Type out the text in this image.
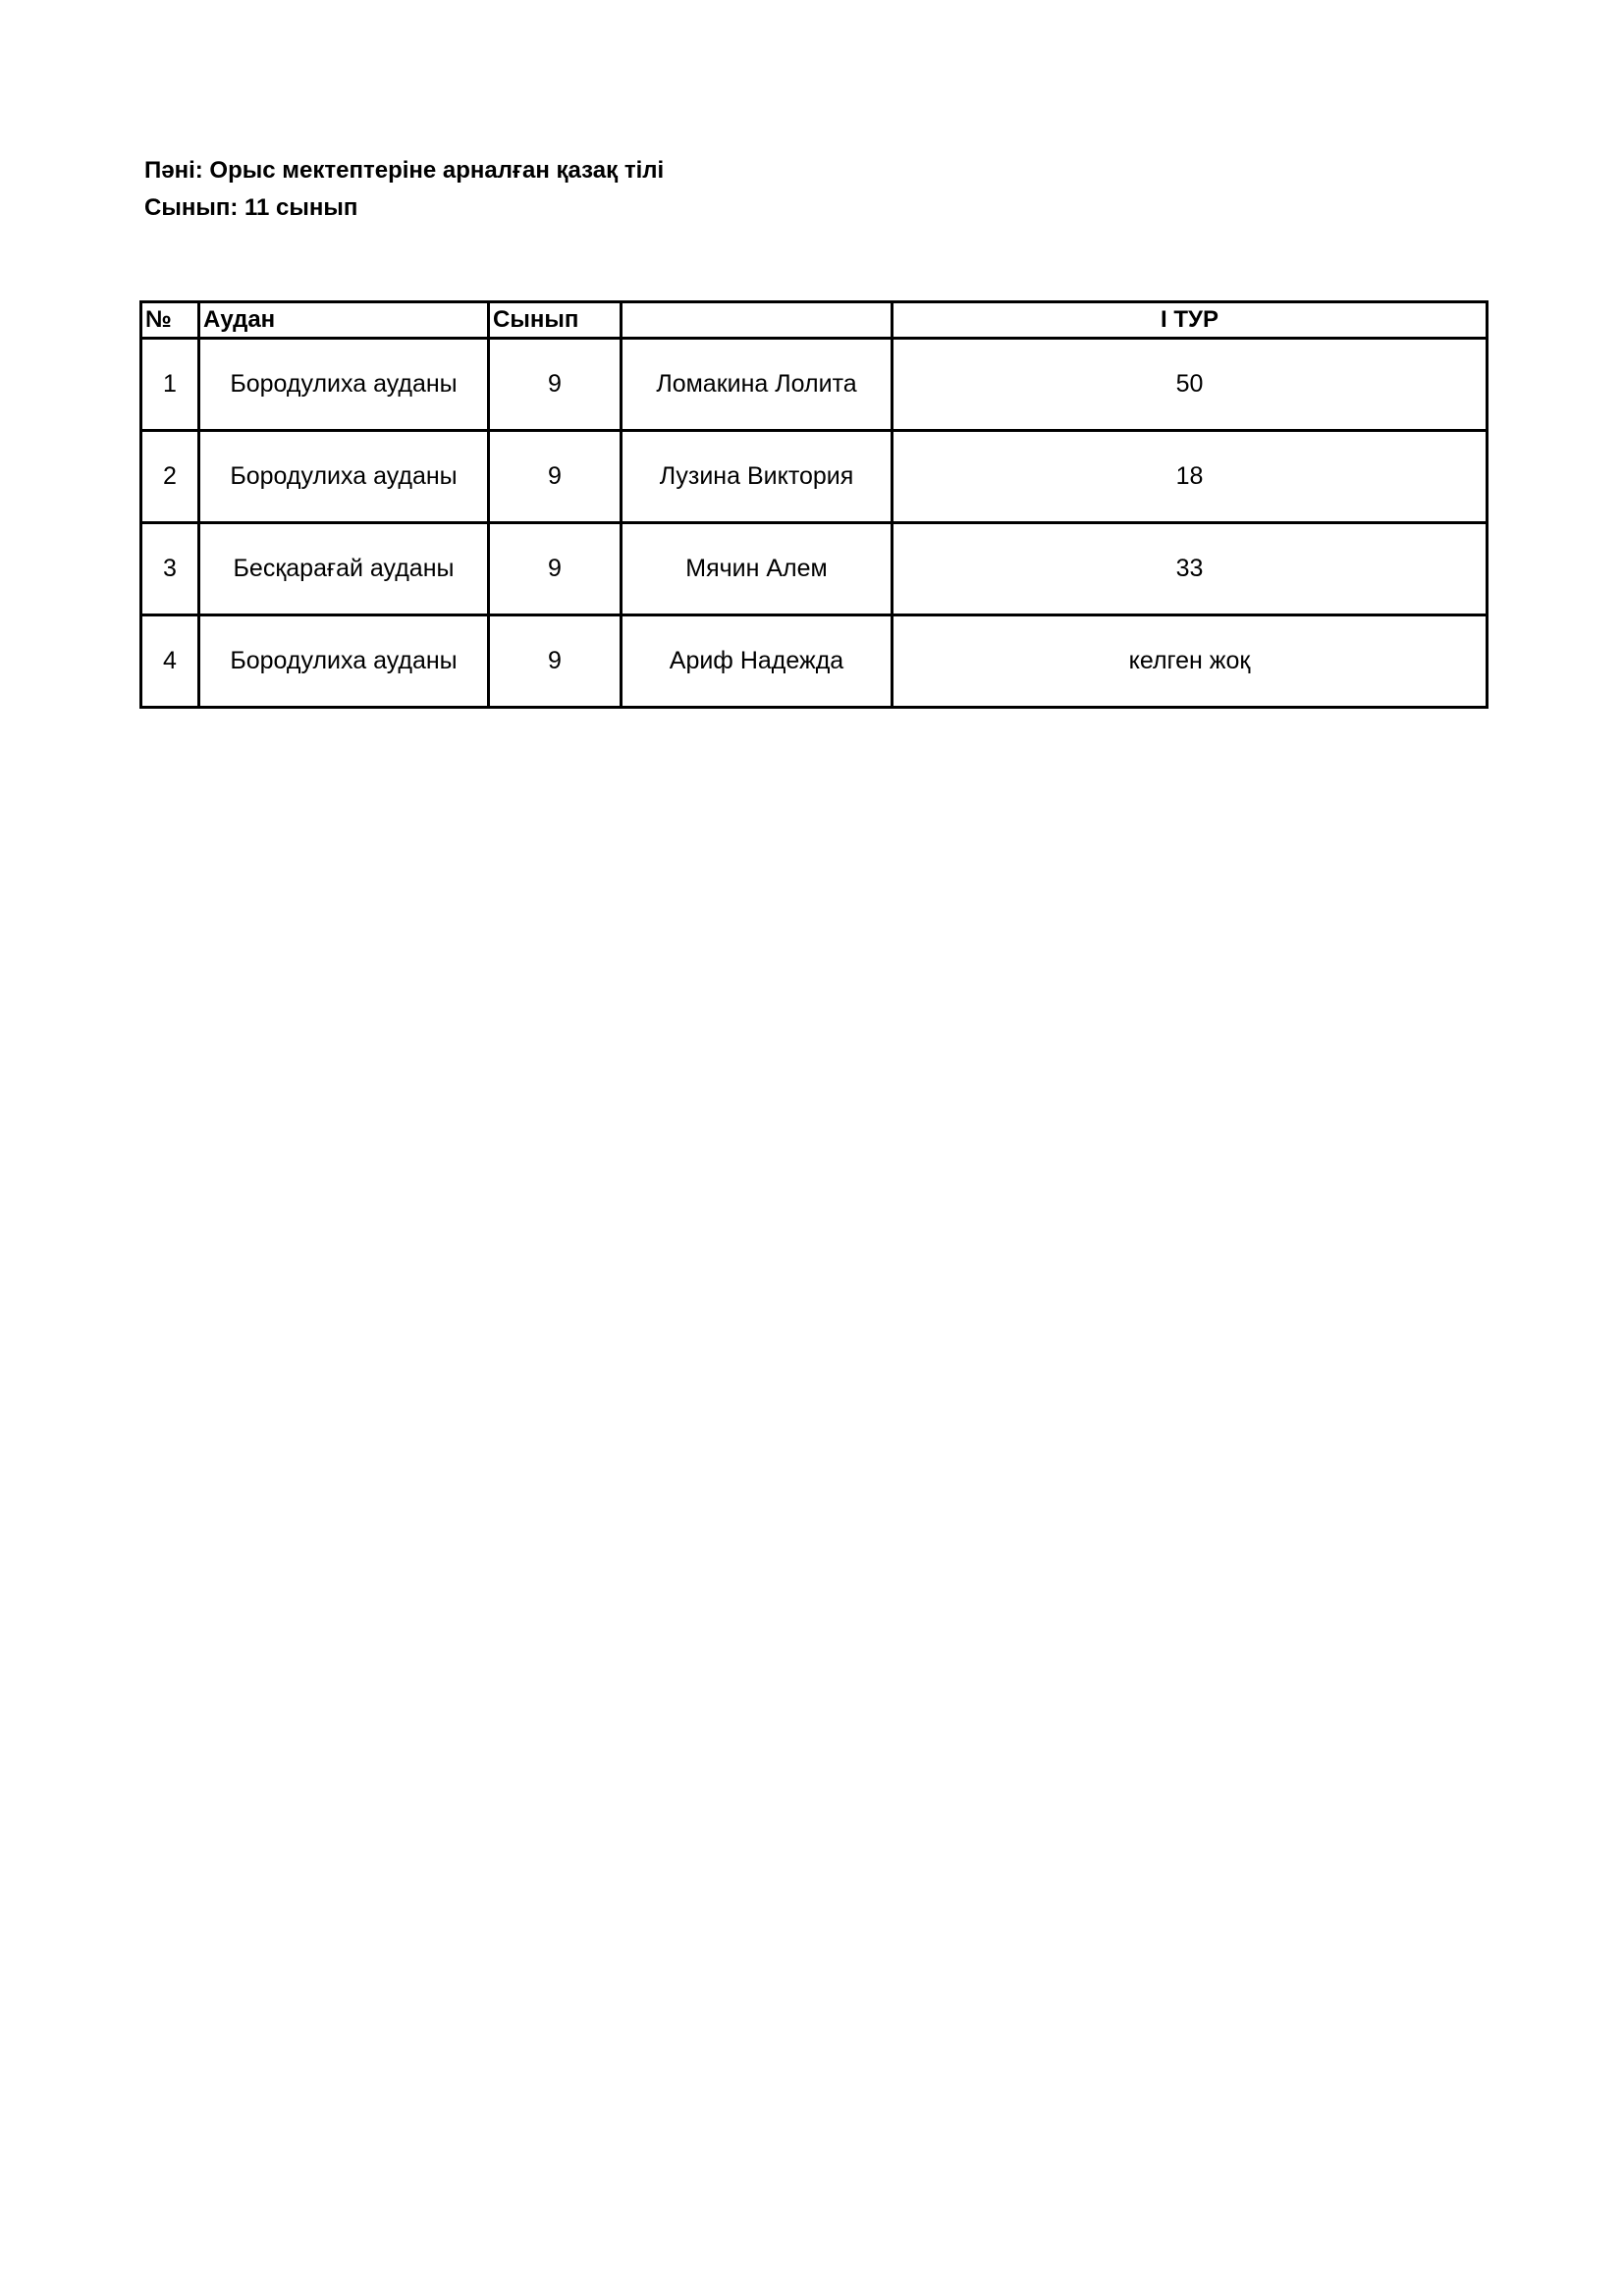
Пәні: Орыс мектептеріне арналған қазақ тілі
Сынып: 11 сынып
№	Аудан	Сынып		I ТУР
1	Бородулиха ауданы	9	Ломакина Лолита	50
2	Бородулиха ауданы	9	Лузина Виктория	18
3	Бесқарағай ауданы	9	Мячин Алем	33
4	Бородулиха ауданы	9	Ариф Надежда	келген жоқ
